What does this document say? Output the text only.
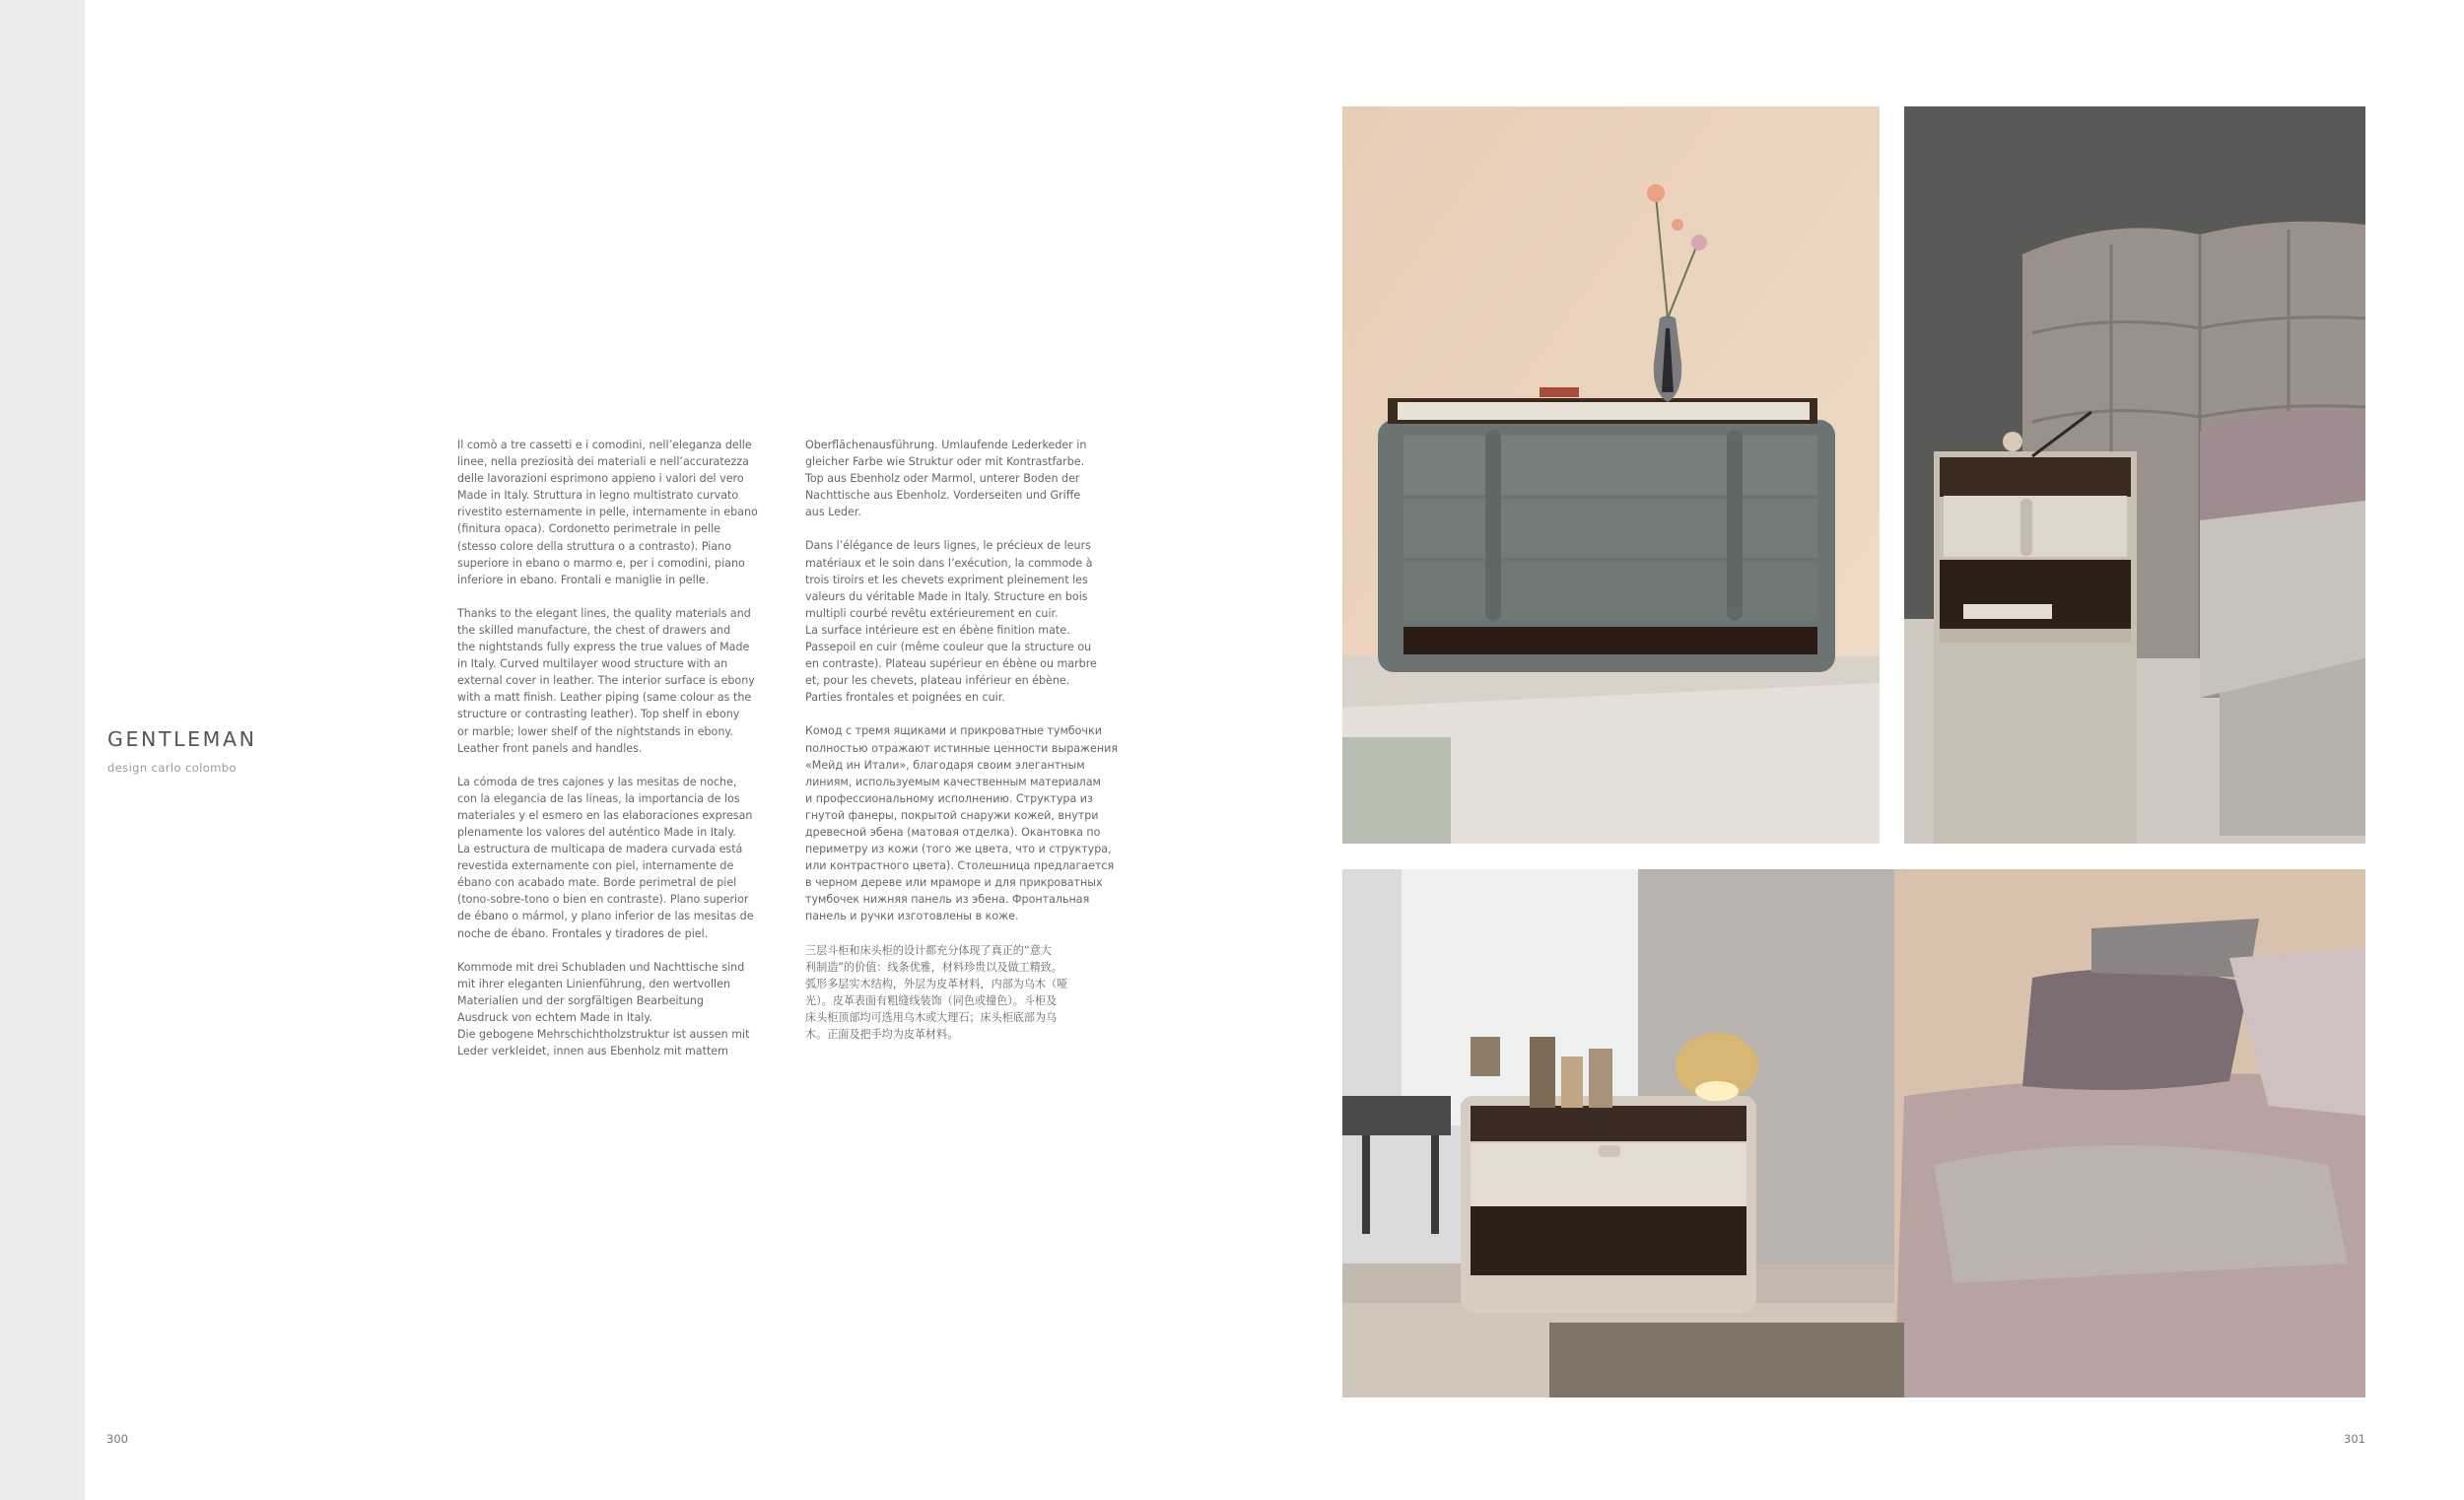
GENTLEMAN
design carlo colombo

Il comò a tre cassetti e i comodini, nell’eleganza delle
linee, nella preziosità dei materiali e nell’accuratezza
delle lavorazioni esprimono appieno i valori del vero
Made in Italy. Struttura in legno multistrato curvato
rivestito esternamente in pelle, internamente in ebano
(finitura opaca). Cordonetto perimetrale in pelle
(stesso colore della struttura o a contrasto). Piano
superiore in ebano o marmo e, per i comodini, piano
inferiore in ebano. Frontali e maniglie in pelle.

Thanks to the elegant lines, the quality materials and
the skilled manufacture, the chest of drawers and
the nightstands fully express the true values of Made
in Italy. Curved multilayer wood structure with an
external cover in leather. The interior surface is ebony
with a matt finish. Leather piping (same colour as the
structure or contrasting leather). Top shelf in ebony
or marble; lower shelf of the nightstands in ebony.
Leather front panels and handles.

La cómoda de tres cajones y las mesitas de noche,
con la elegancia de las líneas, la importancia de los
materiales y el esmero en las elaboraciones expresan
plenamente los valores del auténtico Made in Italy.
La estructura de multicapa de madera curvada está
revestida externamente con piel, internamente de
ébano con acabado mate. Borde perimetral de piel
(tono-sobre-tono o bien en contraste). Plano superior
de ébano o mármol, y plano inferior de las mesitas de
noche de ébano. Frontales y tiradores de piel.

Kommode mit drei Schubladen und Nachttische sind
mit ihrer eleganten Linienführung, den wertvollen
Materialien und der sorgfältigen Bearbeitung
Ausdruck von echtem Made in Italy.
Die gebogene Mehrschichtholzstruktur ist aussen mit
Leder verkleidet, innen aus Ebenholz mit mattem

Oberflächenausführung. Umlaufende Lederkeder in
gleicher Farbe wie Struktur oder mit Kontrastfarbe.
Top aus Ebenholz oder Marmol, unterer Boden der
Nachttische aus Ebenholz. Vorderseiten und Griffe
aus Leder.

Dans l’élégance de leurs lignes, le précieux de leurs
matériaux et le soin dans l’exécution, la commode à
trois tiroirs et les chevets expriment pleinement les
valeurs du véritable Made in Italy. Structure en bois
multipli courbé revêtu extérieurement en cuir.
La surface intérieure est en ébène finition mate.
Passepoil en cuir (même couleur que la structure ou
en contraste). Plateau supérieur en ébène ou marbre
et, pour les chevets, plateau inférieur en ébène.
Parties frontales et poignées en cuir.

Комод с тремя ящиками и прикроватные тумбочки
полностью отражают истинные ценности выражения
«Мейд ин Итали», благодаря своим элегантным
линиям, используемым качественным материалам
и профессиональному исполнению. Структура из
гнутой фанеры, покрытой снаружи кожей, внутри
древесной эбена (матовая отделка). Окантовка по
периметру из кожи (того же цвета, что и структура,
или контрастного цвета). Столешница предлагается
в черном дереве или мраморе и для прикроватных
тумбочек нижняя панель из эбена. Фронтальная
панель и ручки изготовлены в коже.

三层斗柜和床头柜的设计都充分体现了真正的“意大
利制造”的价值：线条优雅，材料珍贵以及做工精致。
弧形多层实木结构，外层为皮革材料，内部为乌木（哑
光）。皮革表面有粗缝线装饰（同色或撞色）。斗柜及
床头柜顶部均可选用乌木或大理石；床头柜底部为乌
木。正面及把手均为皮革材料。

300	301
